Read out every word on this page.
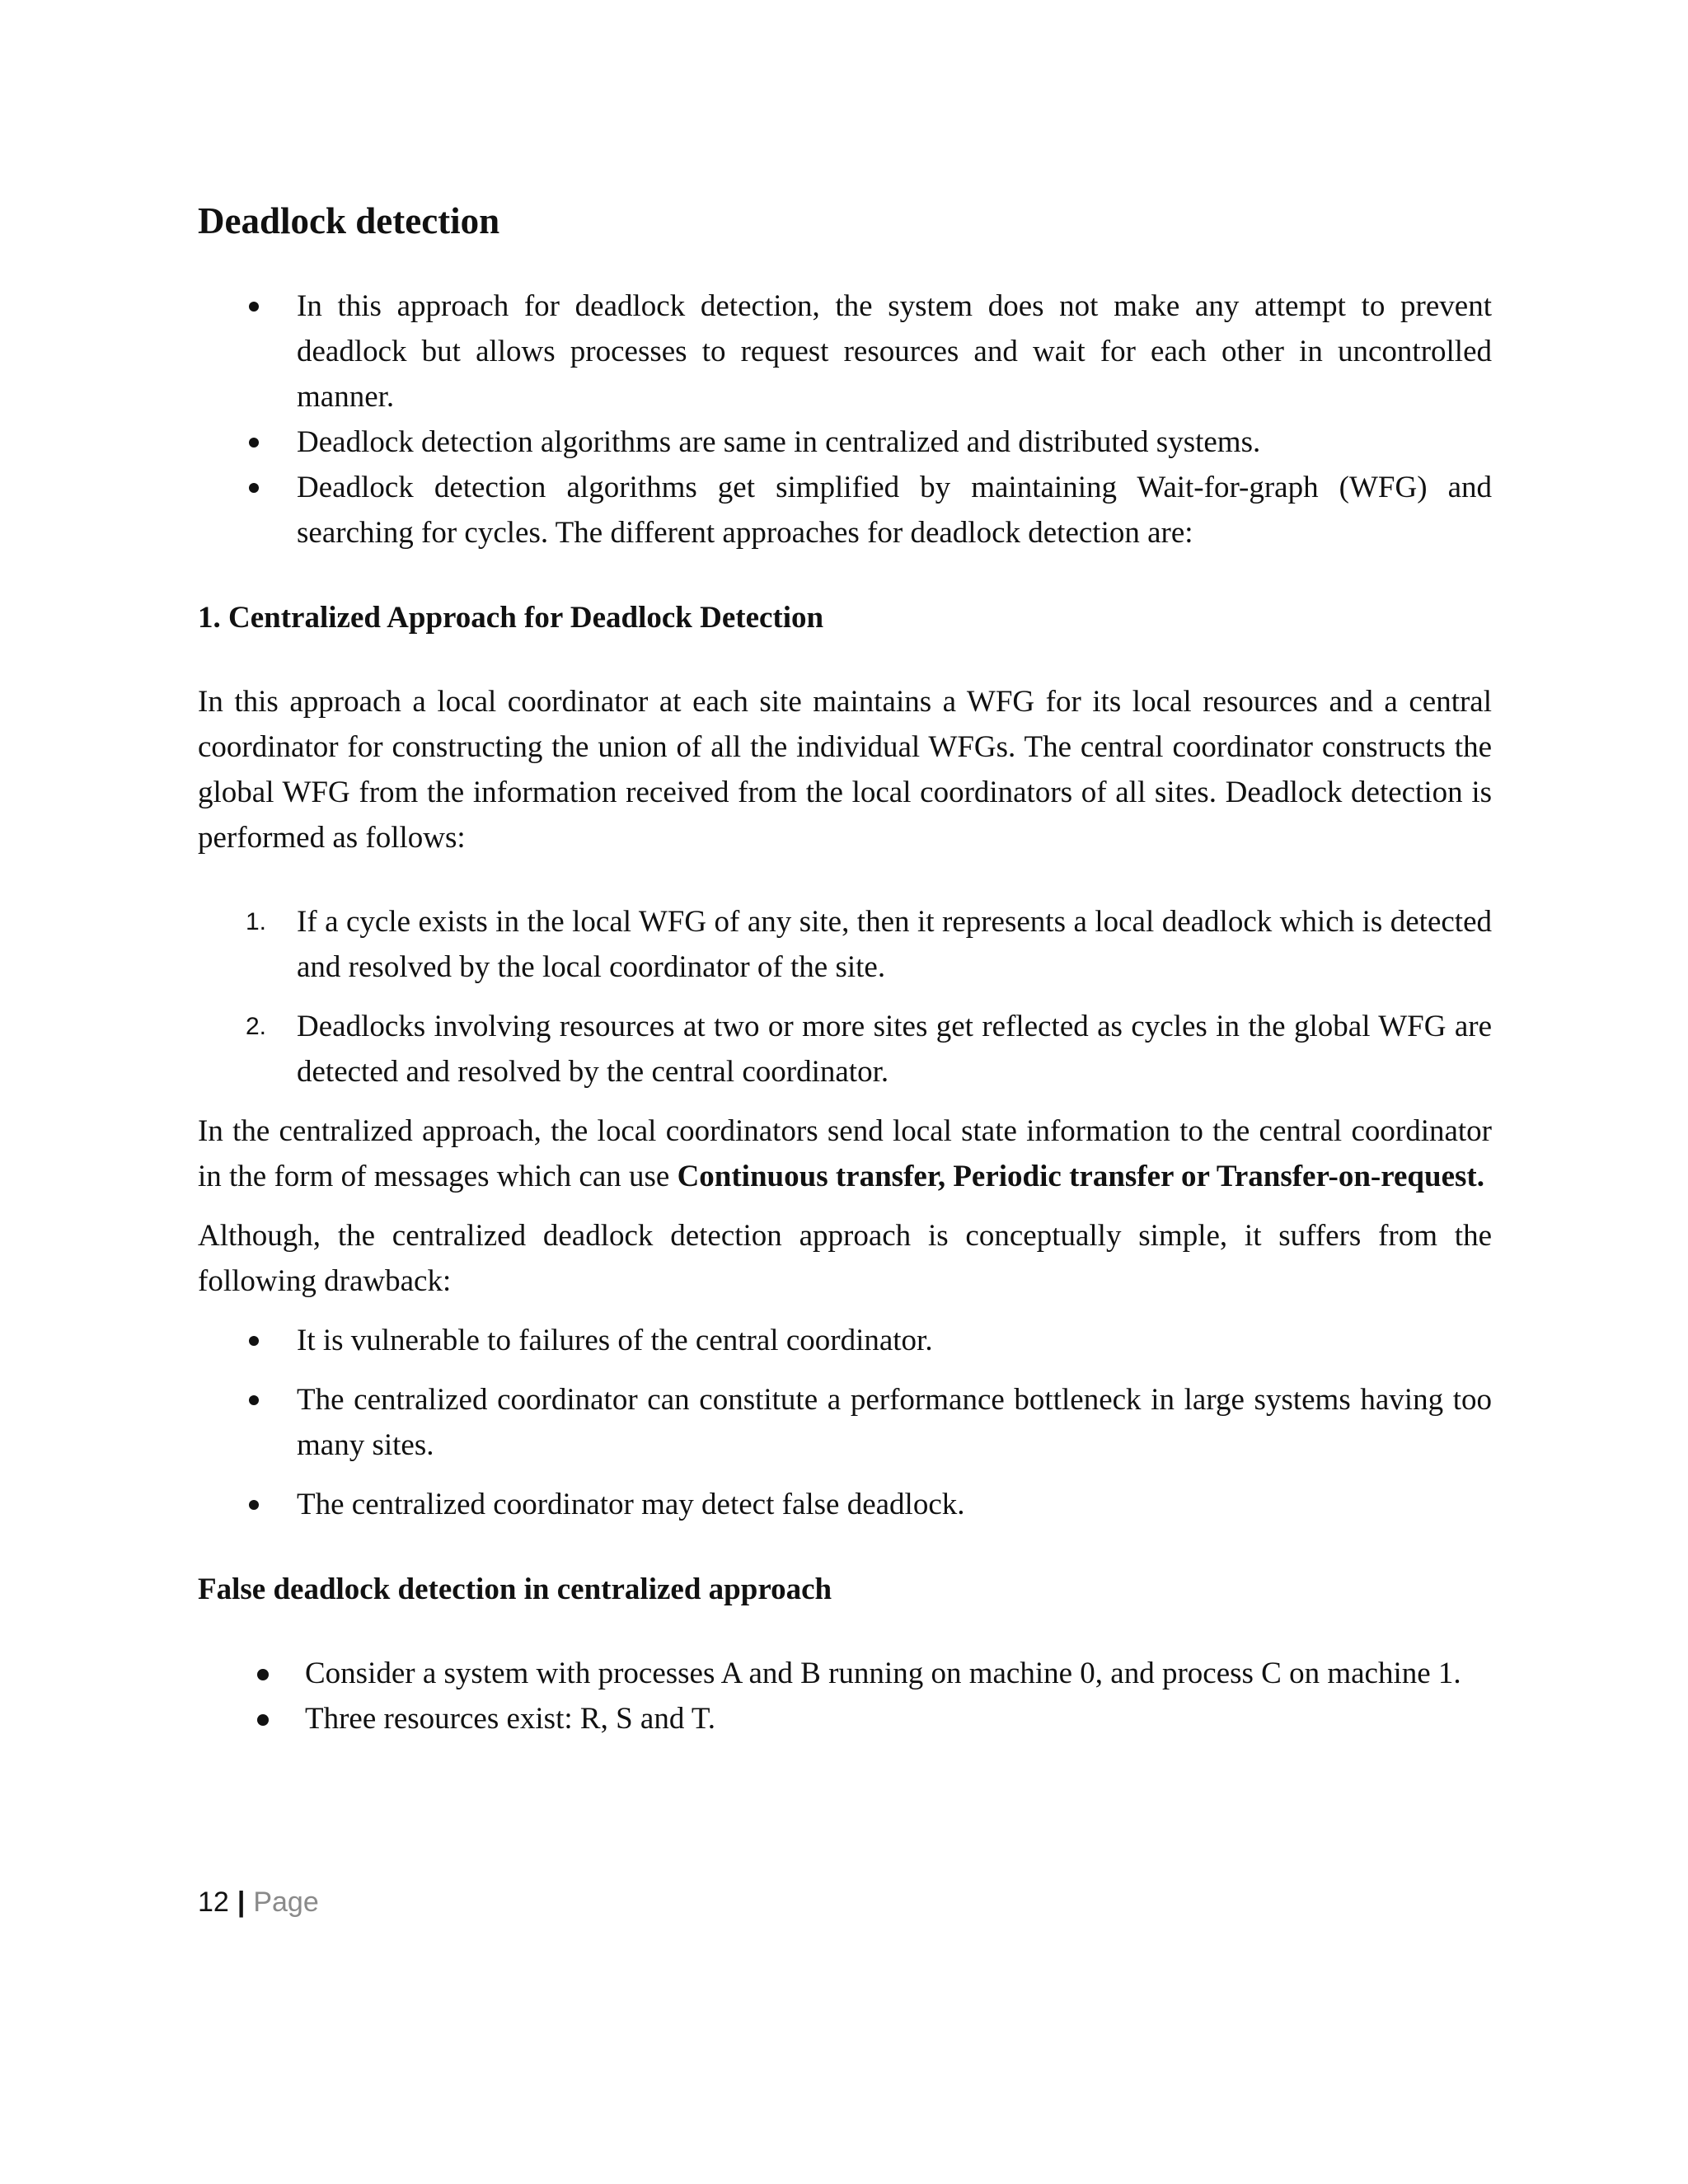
Deadlock detection
In this approach for deadlock detection, the system does not make any attempt to prevent deadlock but allows processes to request resources and wait for each other in uncontrolled manner.
Deadlock detection algorithms are same in centralized and distributed systems.
Deadlock detection algorithms get simplified by maintaining Wait-for-graph (WFG) and searching for cycles. The different approaches for deadlock detection are:
1. Centralized Approach for Deadlock Detection

In this approach a local coordinator at each site maintains a WFG for its local resources and a central coordinator for constructing the union of all the individual WFGs. The central coordinator constructs the global WFG from the information received from the local coordinators of all sites. Deadlock detection is performed as follows:

1. If a cycle exists in the local WFG of any site, then it represents a local deadlock which is detected and resolved by the local coordinator of the site.
2. Deadlocks involving resources at two or more sites get reflected as cycles in the global WFG are detected and resolved by the central coordinator.

In the centralized approach, the local coordinators send local state information to the central coordinator in the form of messages which can use Continuous transfer, Periodic transfer or Transfer-on-request.

Although, the centralized deadlock detection approach is conceptually simple, it suffers from the following drawback:

It is vulnerable to failures of the central coordinator.
The centralized coordinator can constitute a performance bottleneck in large systems having too many sites.
The centralized coordinator may detect false deadlock.
False deadlock detection in centralized approach
Consider a system with processes A and B running on machine 0, and process C on machine 1.
Three resources exist: R, S and T.
12 | Page
